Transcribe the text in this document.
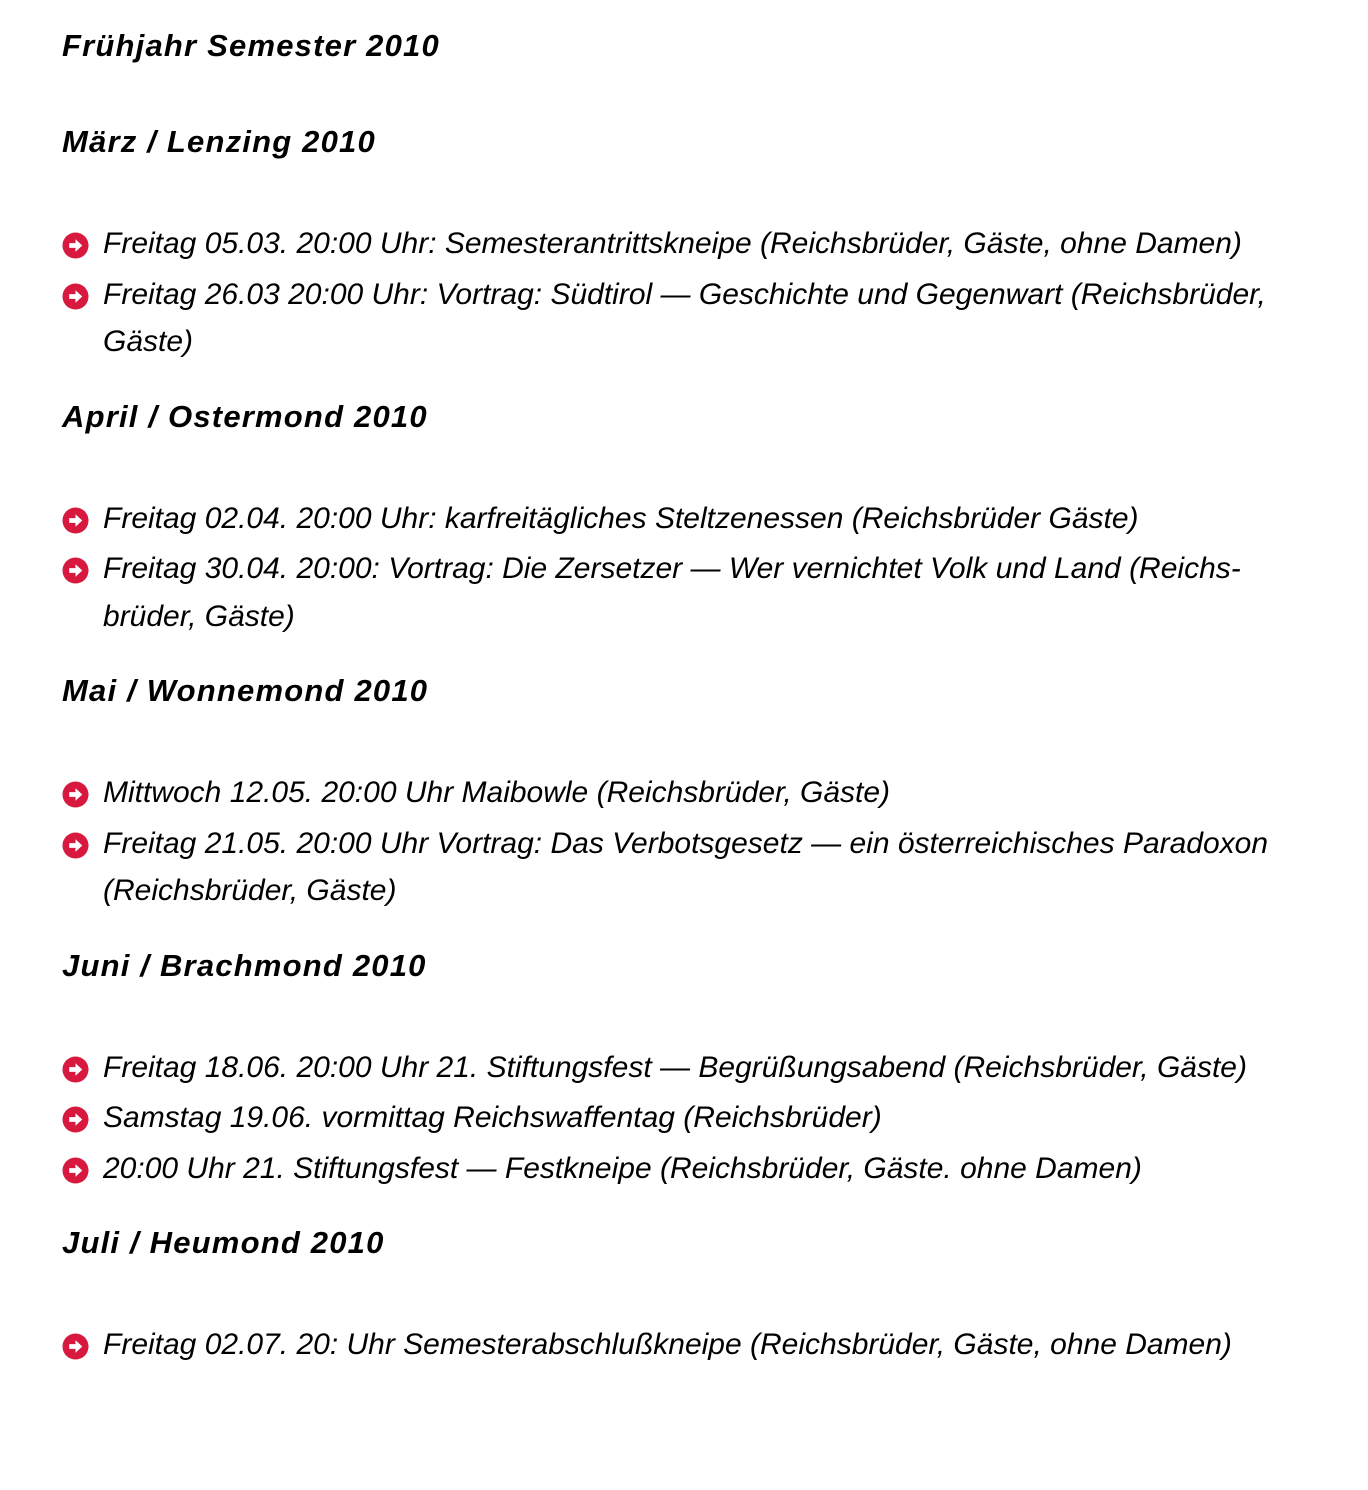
Frühjahr Semester 2010
März / Lenzing 2010
Freitag 05.03. 20:00 Uhr: Semesterantrittskneipe (Reichsbrüder, Gäste, ohne Damen)
Freitag 26.03 20:00 Uhr: Vortrag: Südtirol — Geschichte und Gegenwart (Reichsbrüder, Gäste)
April / Ostermond 2010
Freitag 02.04. 20:00 Uhr: karfreitägliches Steltzenessen (Reichsbrüder Gäste)
Freitag 30.04. 20:00: Vortrag: Die Zersetzer — Wer vernichtet Volk und Land (Reichsbrüder, Gäste)
Mai / Wonnemond 2010
Mittwoch 12.05. 20:00 Uhr Maibowle (Reichsbrüder, Gäste)
Freitag 21.05. 20:00 Uhr Vortrag: Das Verbotsgesetz — ein österreichisches Paradoxon (Reichsbrüder, Gäste)
Juni / Brachmond 2010
Freitag 18.06. 20:00 Uhr 21. Stiftungsfest — Begrüßungsabend (Reichsbrüder, Gäste)
Samstag 19.06. vormittag Reichswaffentag (Reichsbrüder)
20:00 Uhr 21. Stiftungsfest — Festkneipe (Reichsbrüder, Gäste. ohne Damen)
Juli / Heumond 2010
Freitag 02.07. 20: Uhr Semesterabschlußkneipe (Reichsbrüder, Gäste, ohne Damen)
